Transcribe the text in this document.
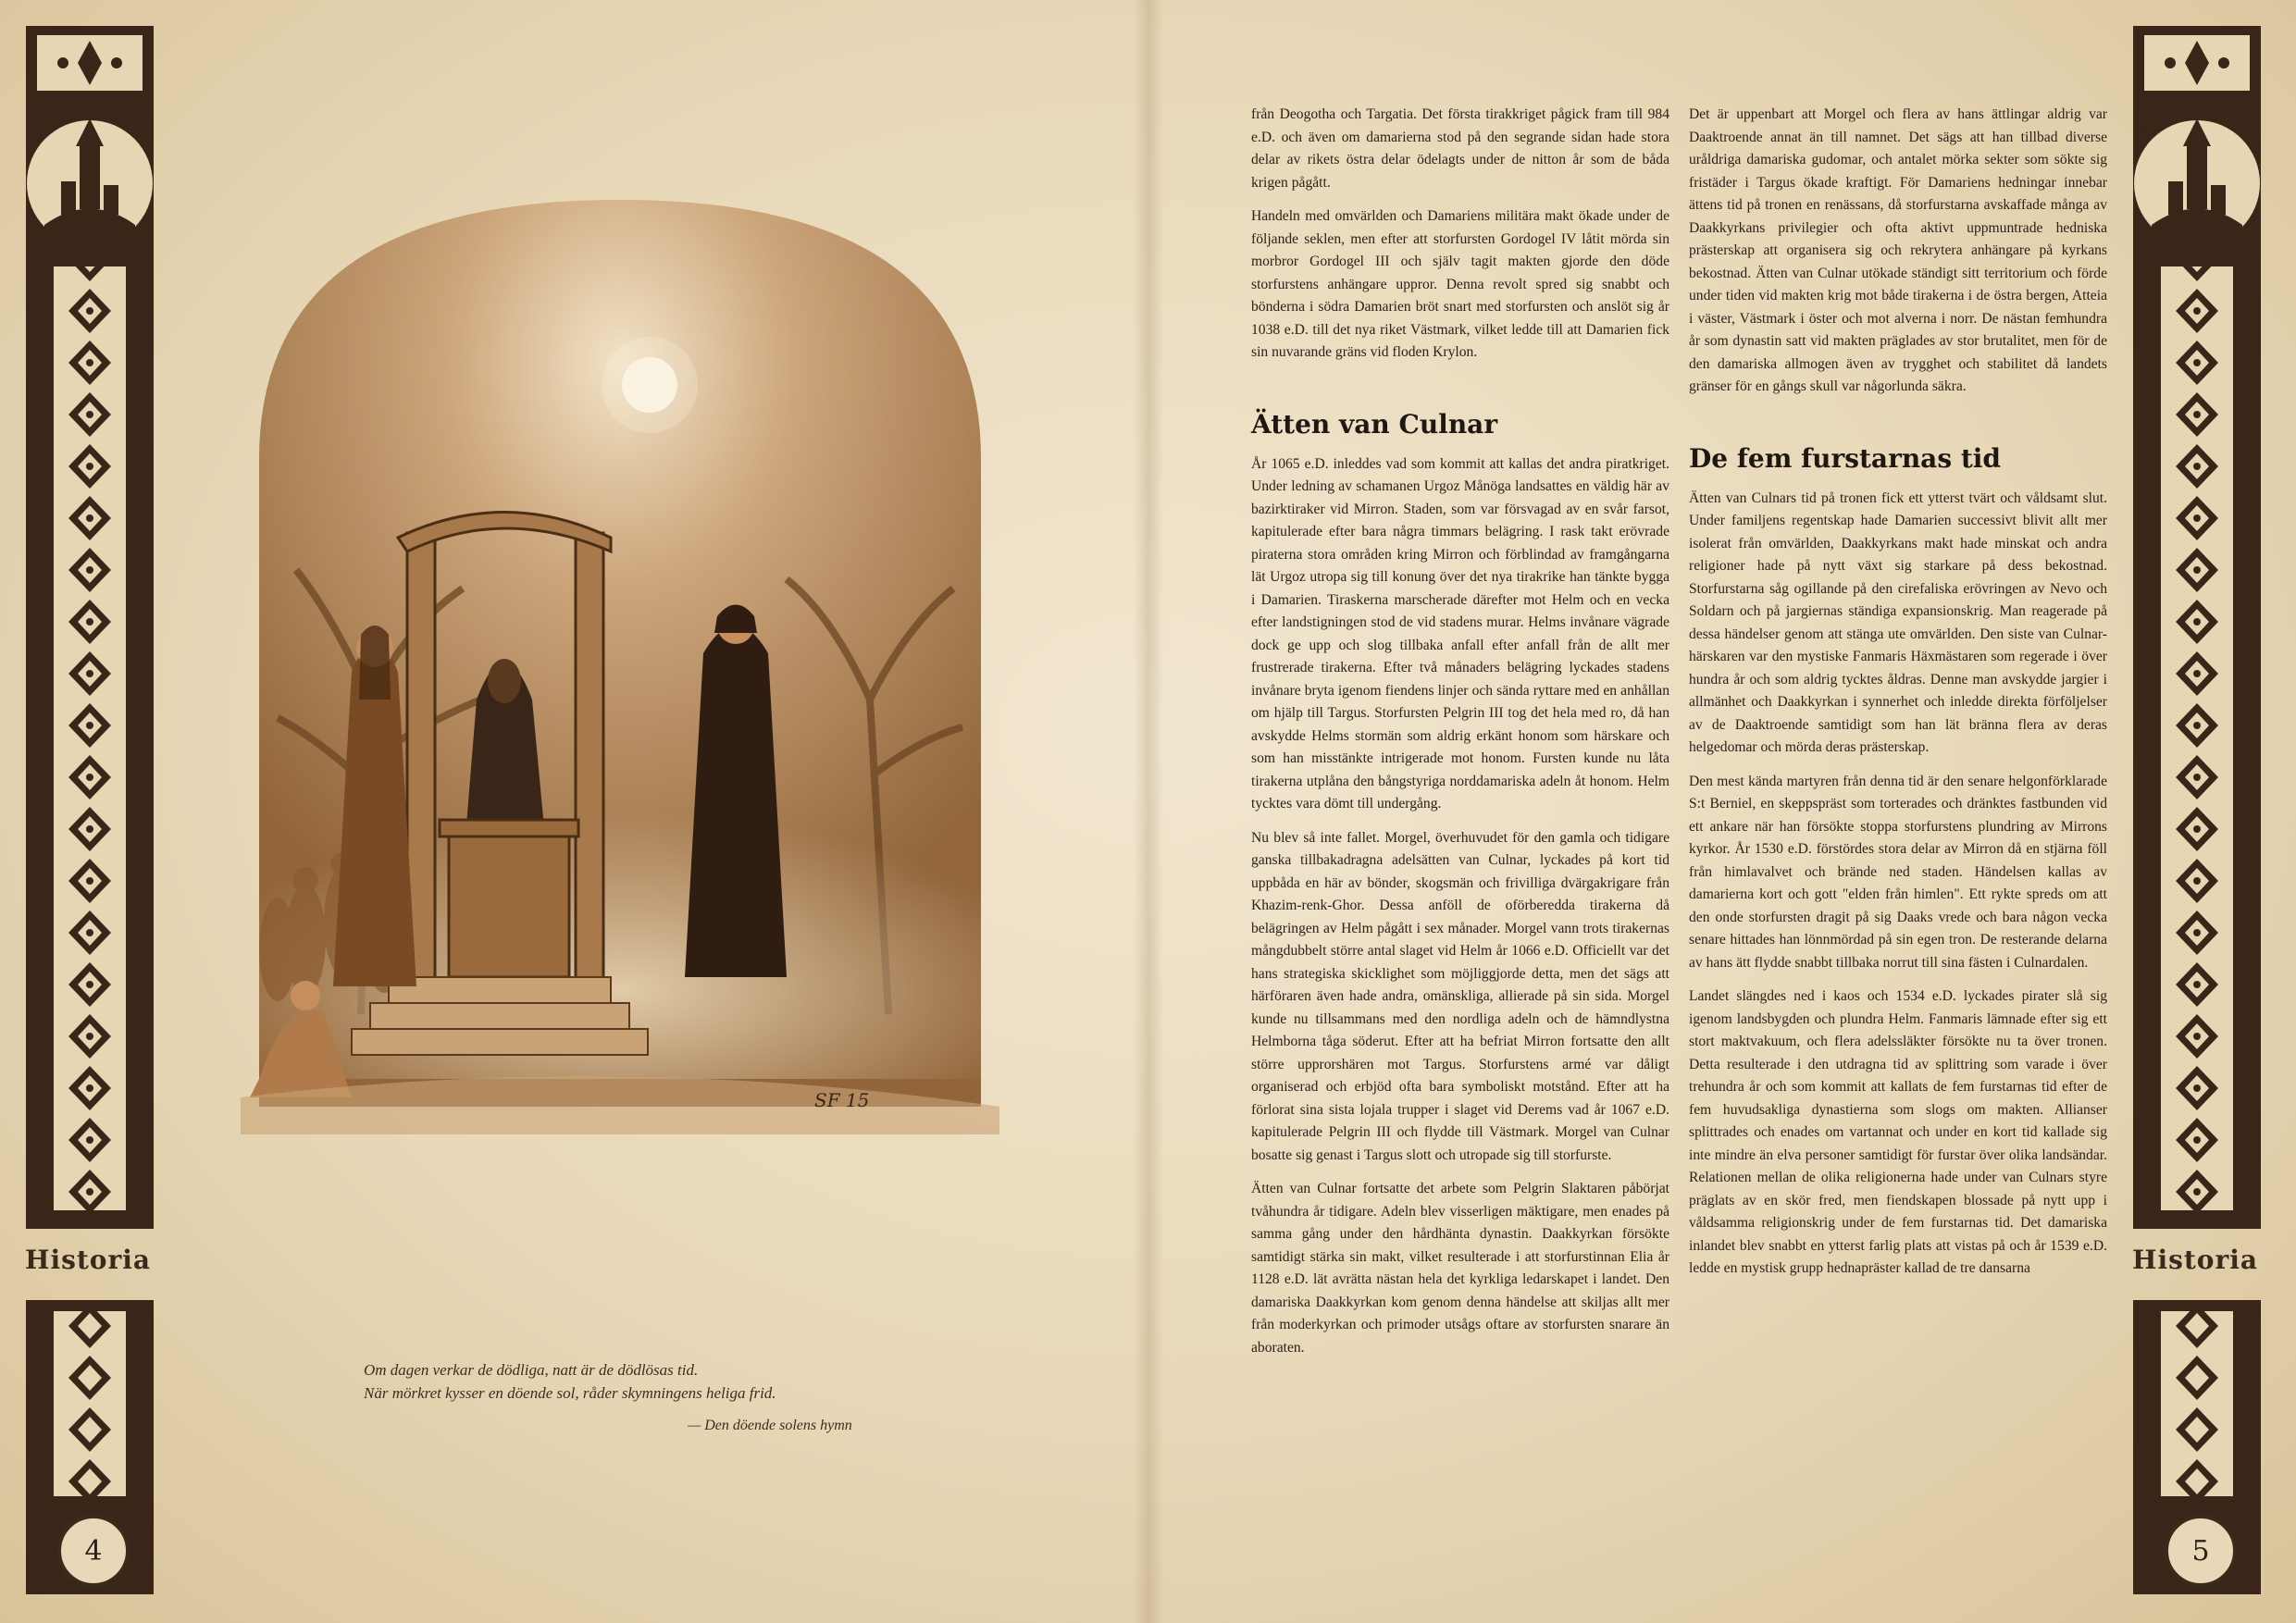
Historia
4
Historia
5
SF 15
Om dagen verkar de dödliga, natt är de dödlösas tid.
När mörkret kysser en döende sol, råder skymningens heliga frid.
— Den döende solens hymn

från Deogotha och Targatia. Det första tirakkriget pågick fram till 984 e.D. och även om damarierna stod på den segrande sidan hade stora delar av rikets östra delar ödelagts under de nitton år som de båda krigen pågått.

Handeln med omvärlden och Damariens militära makt ökade under de följande seklen, men efter att storfursten Gordogel IV låtit mörda sin morbror Gordogel III och själv tagit makten gjorde den döde storfurstens anhängare uppror. Denna revolt spred sig snabbt och bönderna i södra Damarien bröt snart med storfursten och anslöt sig år 1038 e.D. till det nya riket Västmark, vilket ledde till att Damarien fick sin nuvarande gräns vid floden Krylon.

Ätten van Culnar

År 1065 e.D. inleddes vad som kommit att kallas det andra piratkriget. Under ledning av schamanen Urgoz Månöga landsattes en väldig här av bazirktiraker vid Mirron. Staden, som var försvagad av en svår farsot, kapitulerade efter bara några timmars belägring. I rask takt erövrade piraterna stora områden kring Mirron och förblindad av framgångarna lät Urgoz utropa sig till konung över det nya tirakrike han tänkte bygga i Damarien. Tiraskerna marscherade därefter mot Helm och en vecka efter landstigningen stod de vid stadens murar. Helms invånare vägrade dock ge upp och slog tillbaka anfall efter anfall från de allt mer frustrerade tirakerna. Efter två månaders belägring lyckades stadens invånare bryta igenom fiendens linjer och sända ryttare med en anhållan om hjälp till Targus. Storfursten Pelgrin III tog det hela med ro, då han avskydde Helms stormän som aldrig erkänt honom som härskare och som han misstänkte intrigerade mot honom. Fursten kunde nu låta tirakerna utplåna den bångstyriga norddamariska adeln åt honom. Helm tycktes vara dömt till undergång.

Nu blev så inte fallet. Morgel, överhuvudet för den gamla och tidigare ganska tillbakadragna adelsätten van Culnar, lyckades på kort tid uppbåda en här av bönder, skogsmän och frivilliga dvärgakrigare från Khazim-renk-Ghor. Dessa anföll de oförberedda tirakerna då belägringen av Helm pågått i sex månader. Morgel vann trots tirakernas mångdubbelt större antal slaget vid Helm år 1066 e.D. Officiellt var det hans strategiska skicklighet som möjliggjorde detta, men det sägs att härföraren även hade andra, omänskliga, allierade på sin sida. Morgel kunde nu tillsammans med den nordliga adeln och de hämndlystna Helmborna tåga söderut. Efter att ha befriat Mirron fortsatte den allt större upprorshären mot Targus. Storfurstens armé var dåligt organiserad och erbjöd ofta bara symboliskt motstånd. Efter att ha förlorat sina sista lojala trupper i slaget vid Derems vad år 1067 e.D. kapitulerade Pelgrin III och flydde till Västmark. Morgel van Culnar bosatte sig genast i Targus slott och utropade sig till storfurste.

Ätten van Culnar fortsatte det arbete som Pelgrin Slaktaren påbörjat tvåhundra år tidigare. Adeln blev visserligen mäktigare, men enades på samma gång under den hårdhänta dynastin. Daakkyrkan försökte samtidigt stärka sin makt, vilket resulterade i att storfurstinnan Elia år 1128 e.D. lät avrätta nästan hela det kyrkliga ledarskapet i landet. Den damariska Daakkyrkan kom genom denna händelse att skiljas allt mer från moderkyrkan och primoder utsågs oftare av storfursten snarare än aboraten.

Det är uppenbart att Morgel och flera av hans ättlingar aldrig var Daaktroende annat än till namnet. Det sägs att han tillbad diverse uråldriga damariska gudomar, och antalet mörka sekter som sökte sig fristäder i Targus ökade kraftigt. För Damariens hedningar innebar ättens tid på tronen en renässans, då storfurstarna avskaffade många av Daakkyrkans privilegier och ofta aktivt uppmuntrade hedniska prästerskap att organisera sig och rekrytera anhängare på kyrkans bekostnad. Ätten van Culnar utökade ständigt sitt territorium och förde under tiden vid makten krig mot både tirakerna i de östra bergen, Atteia i väster, Västmark i öster och mot alverna i norr. De nästan femhundra år som dynastin satt vid makten präglades av stor brutalitet, men för de den damariska allmogen även av trygghet och stabilitet då landets gränser för en gångs skull var någorlunda säkra.

De fem furstarnas tid

Ätten van Culnars tid på tronen fick ett ytterst tvärt och våldsamt slut. Under familjens regentskap hade Damarien successivt blivit allt mer isolerat från omvärlden, Daakkyrkans makt hade minskat och andra religioner hade på nytt växt sig starkare på dess bekostnad. Storfurstarna såg ogillande på den cirefaliska erövringen av Nevo och Soldarn och på jargiernas ständiga expansionskrig. Man reagerade på dessa händelser genom att stänga ute omvärlden. Den siste van Culnar-härskaren var den mystiske Fanmaris Häxmästaren som regerade i över hundra år och som aldrig tycktes åldras. Denne man avskydde jargier i allmänhet och Daakkyrkan i synnerhet och inledde direkta förföljelser av de Daaktroende samtidigt som han lät bränna flera av deras helgedomar och mörda deras prästerskap.

Den mest kända martyren från denna tid är den senare helgonförklarade S:t Berniel, en skeppspräst som torterades och dränktes fastbunden vid ett ankare när han försökte stoppa storfurstens plundring av Mirrons kyrkor. År 1530 e.D. förstördes stora delar av Mirron då en stjärna föll från himlavalvet och brände ned staden. Händelsen kallas av damarierna kort och gott "elden från himlen". Ett rykte spreds om att den onde storfursten dragit på sig Daaks vrede och bara någon vecka senare hittades han lönnmördad på sin egen tron. De resterande delarna av hans ätt flydde snabbt tillbaka norrut till sina fästen i Culnardalen.

Landet slängdes ned i kaos och 1534 e.D. lyckades pirater slå sig igenom landsbygden och plundra Helm. Fanmaris lämnade efter sig ett stort maktvakuum, och flera adelssläkter försökte nu ta över tronen. Detta resulterade i den utdragna tid av splittring som varade i över trehundra år och som kommit att kallats de fem furstarnas tid efter de fem huvudsakliga dynastierna som slogs om makten. Allianser splittrades och enades om vartannat och under en kort tid kallade sig inte mindre än elva personer samtidigt för furstar över olika landsändar. Relationen mellan de olika religionerna hade under van Culnars styre präglats av en skör fred, men fiendskapen blossade på nytt upp i våldsamma religionskrig under de fem furstarnas tid. Det damariska inlandet blev snabbt en ytterst farlig plats att vistas på och år 1539 e.D. ledde en mystisk grupp hednapräster kallad de tre dansarna
